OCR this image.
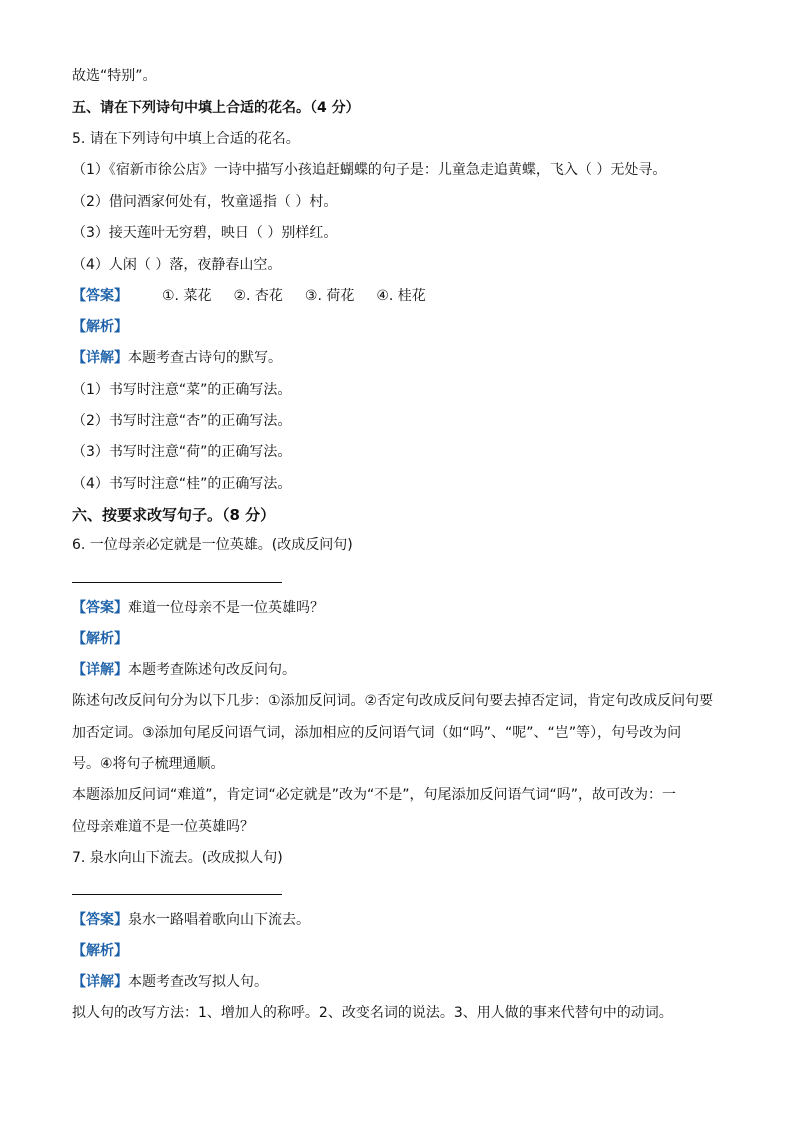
故选“特别”。
五、请在下列诗句中填上合适的花名。（4 分）
5. 请在下列诗句中填上合适的花名。
（1）《宿新市徐公店》一诗中描写小孩追赶蝴蝶的句子是：儿童急走追黄蝶，飞入（ ）无处寻。
（2）借问酒家何处有，牧童遥指（ ）村。
（3）接天莲叶无穷碧，映日（ ）别样红。
（4）人闲（ ）落，夜静春山空。
【答案】 ①. 菜花 ②. 杏花 ③. 荷花 ④. 桂花
【解析】
【详解】本题考查古诗句的默写。
（1）书写时注意“菜”的正确写法。
（2）书写时注意“杏”的正确写法。
（3）书写时注意“荷”的正确写法。
（4）书写时注意“桂”的正确写法。
六、按要求改写句子。（8 分）
6. 一位母亲必定就是一位英雄。(改成反问句)
【答案】难道一位母亲不是一位英雄吗？
【解析】
【详解】本题考查陈述句改反问句。
陈述句改反问句分为以下几步：①添加反问词。②否定句改成反问句要去掉否定词，肯定句改成反问句要
加否定词。③添加句尾反问语气词，添加相应的反问语气词（如“吗”、“呢”、“岂”等），句号改为问
号。④将句子梳理通顺。
本题添加反问词“难道”，肯定词“必定就是”改为“不是”，句尾添加反问语气词“吗”，故可改为：一
位母亲难道不是一位英雄吗？
7. 泉水向山下流去。(改成拟人句)
【答案】泉水一路唱着歌向山下流去。
【解析】
【详解】本题考查改写拟人句。
拟人句的改写方法：1、增加人的称呼。2、改变名词的说法。3、用人做的事来代替句中的动词。
